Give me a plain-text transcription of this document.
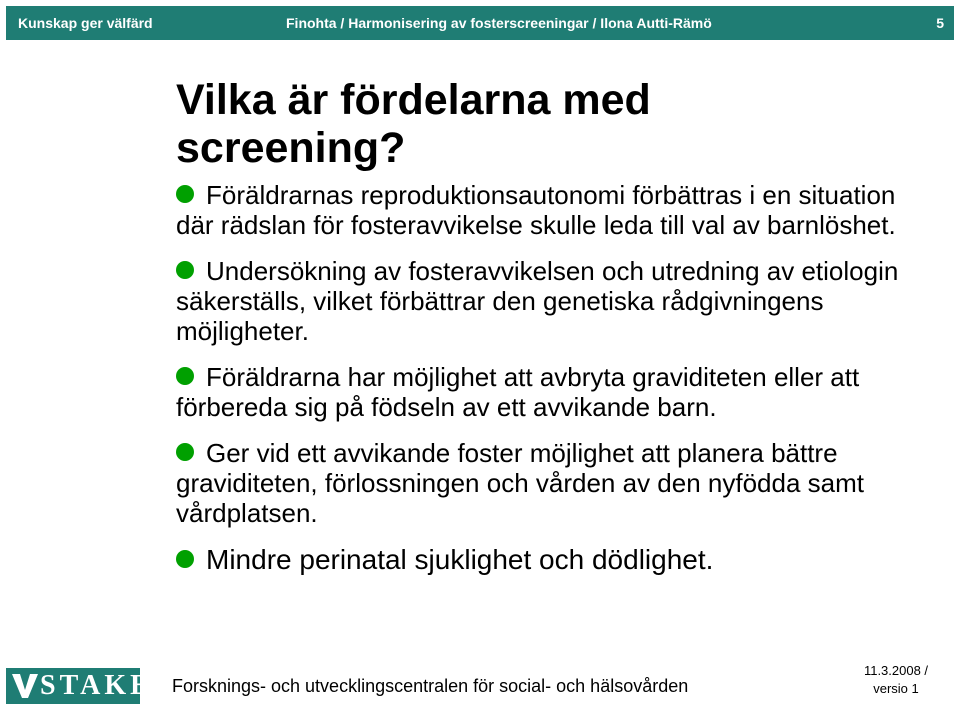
Kunskap ger välfärd	Finohta / Harmonisering av fosterscreeningar / Ilona Autti-Rämö	5
Vilka är fördelarna med screening?
Föräldrarnas reproduktionsautonomi förbättras i en situation där rädslan för fosteravvikelse skulle leda till val av barnlöshet.
Undersökning av fosteravvikelsen och utredning av etiologin säkerställs, vilket förbättrar den genetiska rådgivningens möjligheter.
Föräldrarna har möjlighet att avbryta graviditeten eller att förbereda sig på födseln av ett avvikande barn.
Ger vid ett avvikande foster möjlighet att planera bättre graviditeten, förlossningen och vården av den nyfödda samt vårdplatsen.
Mindre perinatal sjuklighet och dödlighet.
STAKES Forsknings- och utvecklingscentralen för social- och hälsovården
11.3.2008 /
versio 1
